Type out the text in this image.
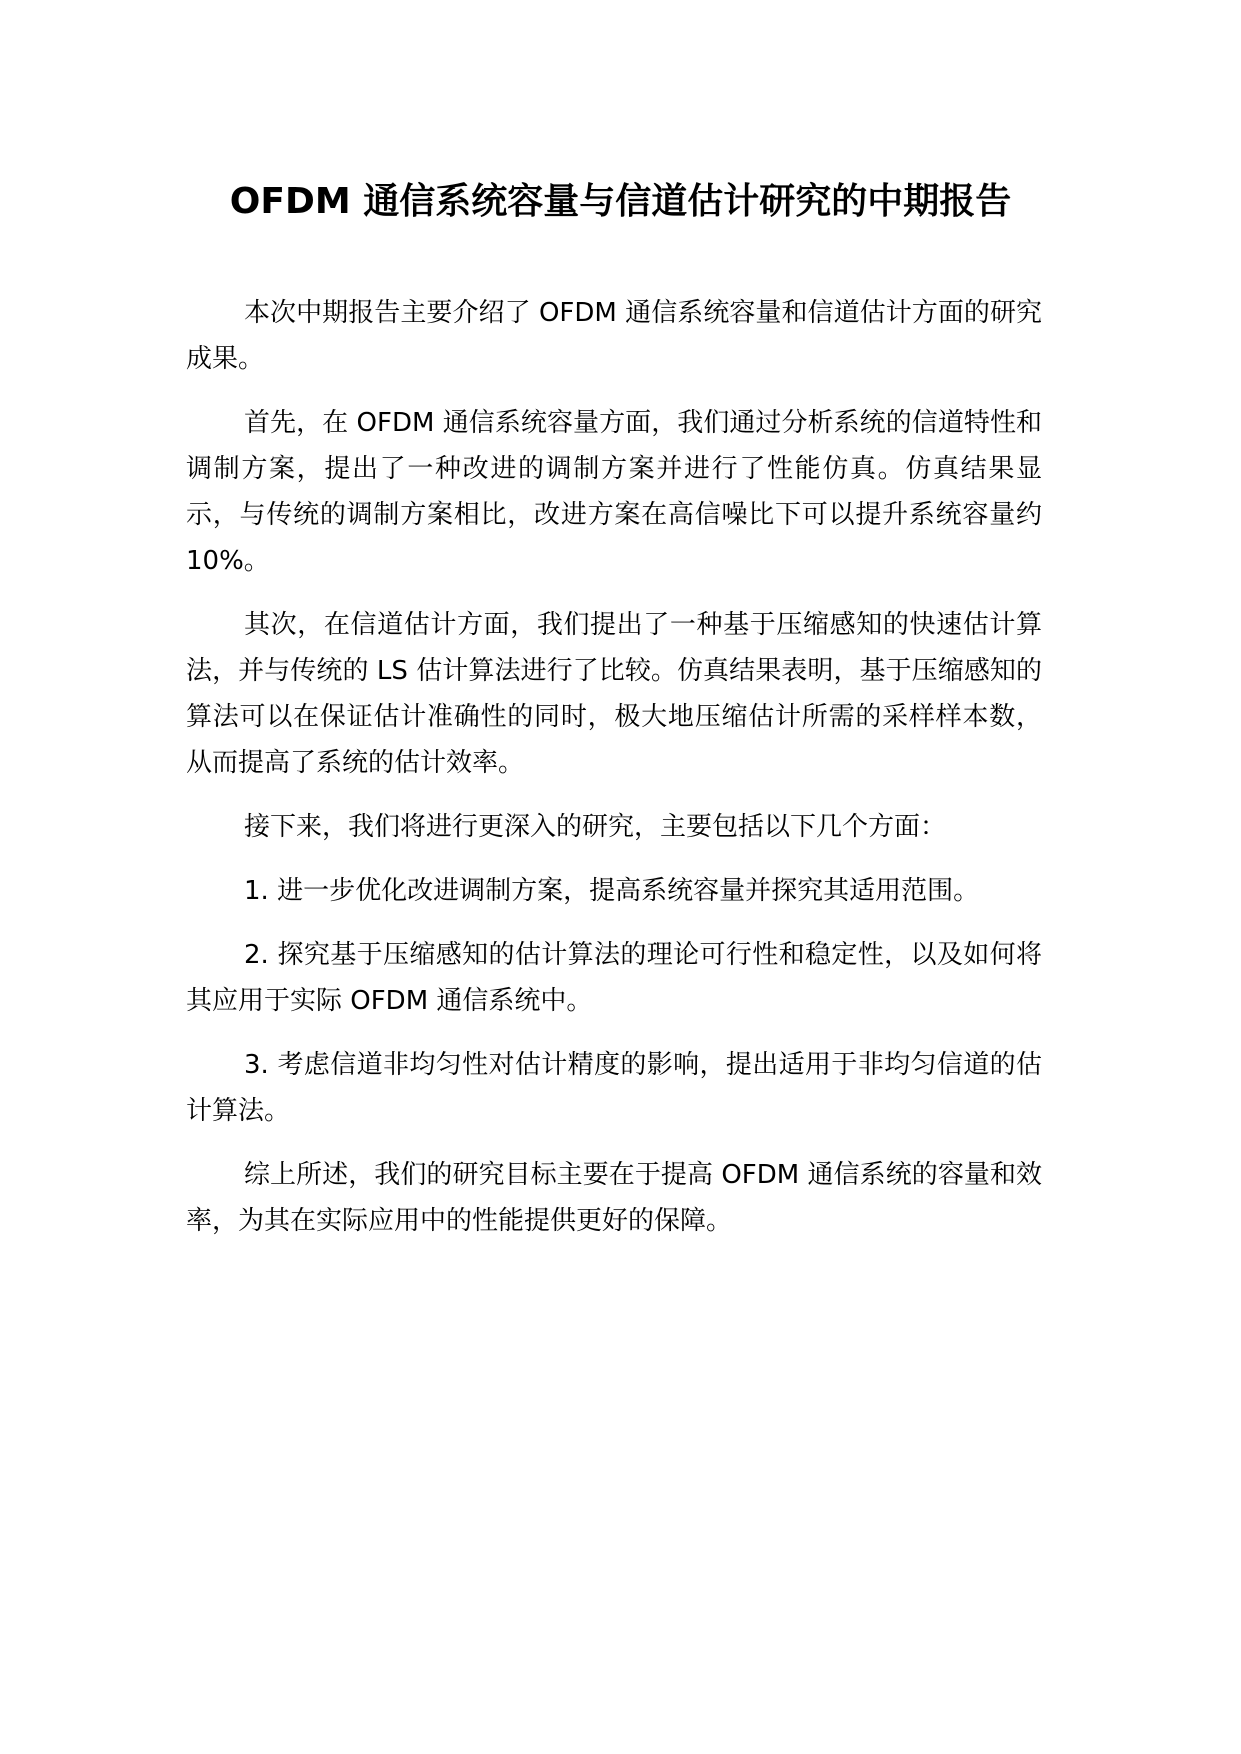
OFDM 通信系统容量与信道估计研究的中期报告

本次中期报告主要介绍了 OFDM 通信系统容量和信道估计方面的研究成果。

首先，在 OFDM 通信系统容量方面，我们通过分析系统的信道特性和调制方案，提出了一种改进的调制方案并进行了性能仿真。仿真结果显示，与传统的调制方案相比，改进方案在高信噪比下可以提升系统容量约 10%。

其次，在信道估计方面，我们提出了一种基于压缩感知的快速估计算法，并与传统的 LS 估计算法进行了比较。仿真结果表明，基于压缩感知的算法可以在保证估计准确性的同时，极大地压缩估计所需的采样样本数，从而提高了系统的估计效率。

接下来，我们将进行更深入的研究，主要包括以下几个方面：

1. 进一步优化改进调制方案，提高系统容量并探究其适用范围。

2. 探究基于压缩感知的估计算法的理论可行性和稳定性，以及如何将其应用于实际 OFDM 通信系统中。

3. 考虑信道非均匀性对估计精度的影响，提出适用于非均匀信道的估计算法。

综上所述，我们的研究目标主要在于提高 OFDM 通信系统的容量和效率，为其在实际应用中的性能提供更好的保障。
